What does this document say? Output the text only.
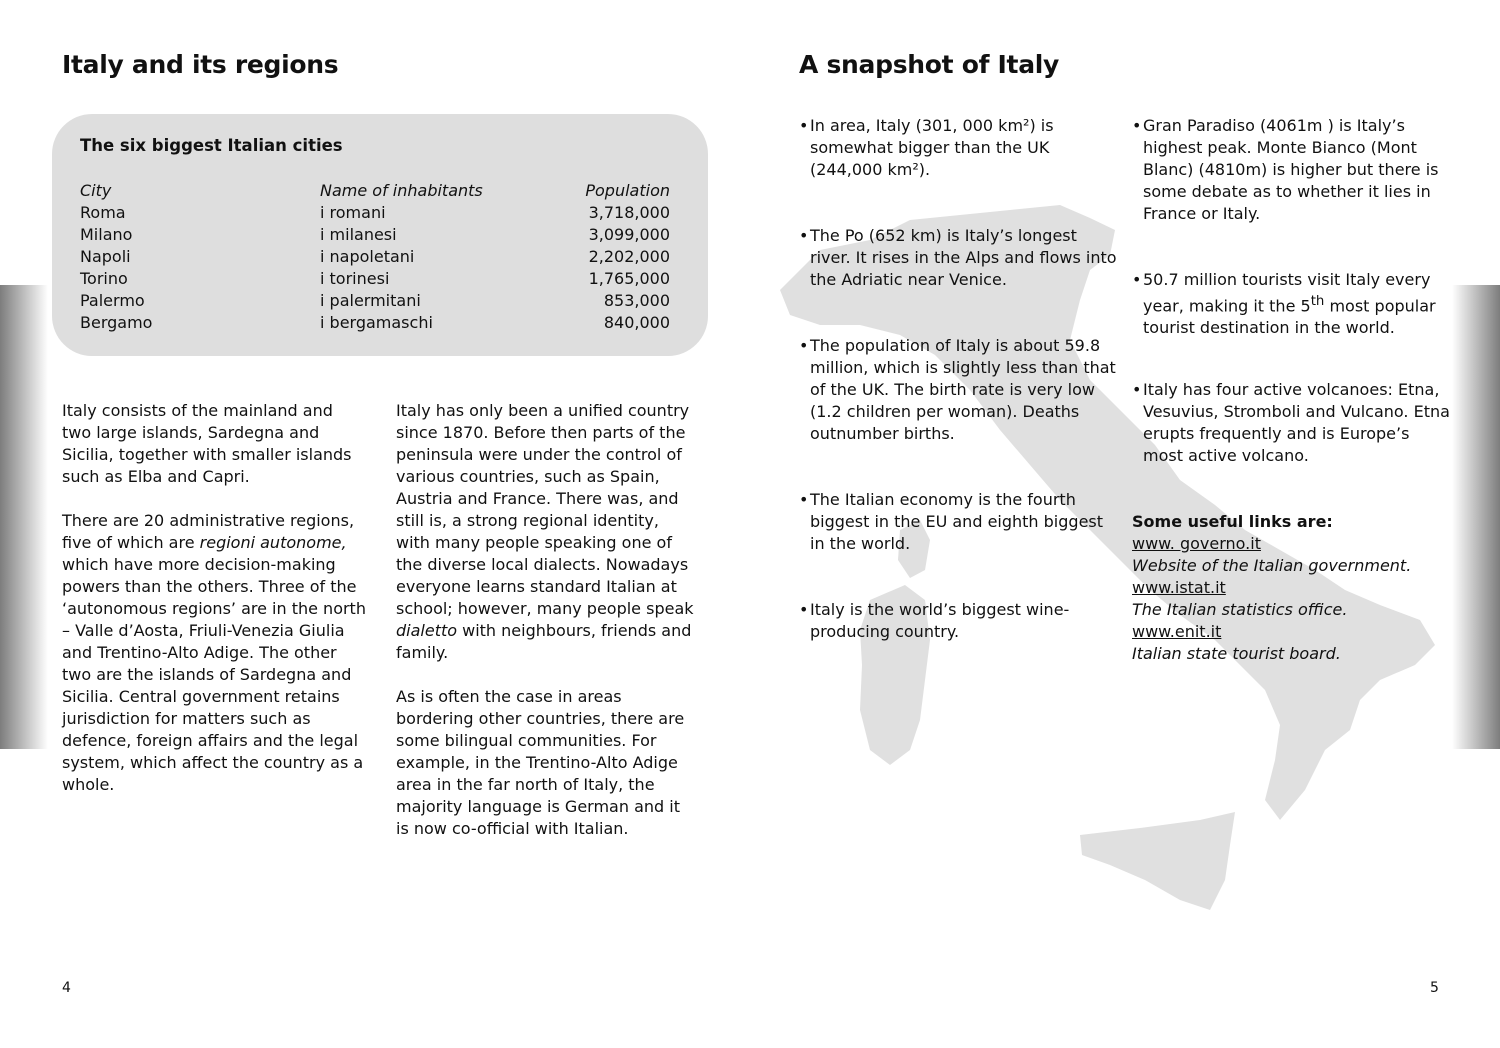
Italy and its regions
The six biggest Italian cities
City	Name of inhabitants	Population
Roma	i romani	3,718,000
Milano	i milanesi	3,099,000
Napoli	i napoletani	2,202,000
Torino	i torinesi	1,765,000
Palermo	i palermitani	853,000
Bergamo	i bergamaschi	840,000

Italy consists of the mainland and two large islands, Sardegna and Sicilia, together with smaller islands such as Elba and Capri.

There are 20 administrative regions, five of which are regioni autonome, which have more decision-making powers than the others. Three of the ‘autonomous regions’ are in the north – Valle d’Aosta, Friuli-Venezia Giulia and Trentino-Alto Adige. The other two are the islands of Sardegna and Sicilia. Central government retains jurisdiction for matters such as defence, foreign affairs and the legal system, which affect the country as a whole.

Italy has only been a unified country since 1870. Before then parts of the peninsula were under the control of various countries, such as Spain, Austria and France. There was, and still is, a strong regional identity, with many people speaking one of the diverse local dialects. Nowadays everyone learns standard Italian at school; however, many people speak dialetto with neighbours, friends and family.

As is often the case in areas bordering other countries, there are some bilingual communities. For example, in the Trentino-Alto Adige area in the far north of Italy, the majority language is German and it is now co-official with Italian.

4
A snapshot of Italy
• In area, Italy (301, 000 km²) is somewhat bigger than the UK (244,000 km²).
• The Po (652 km) is Italy’s longest river. It rises in the Alps and flows into the Adriatic near Venice.
• The population of Italy is about 59.8 million, which is slightly less than that of the UK. The birth rate is very low (1.2 children per woman). Deaths outnumber births.
• The Italian economy is the fourth biggest in the EU and eighth biggest in the world.
• Italy is the world’s biggest wine-producing country.
• Gran Paradiso (4061m ) is Italy’s highest peak. Monte Bianco (Mont Blanc) (4810m) is higher but there is some debate as to whether it lies in France or Italy.
• 50.7 million tourists visit Italy every year, making it the 5th most popular tourist destination in the world.
• Italy has four active volcanoes: Etna, Vesuvius, Stromboli and Vulcano. Etna erupts frequently and is Europe’s most active volcano.
Some useful links are:
www. governo.it
Website of the Italian government.
www.istat.it
The Italian statistics office.
www.enit.it
Italian state tourist board.
5
